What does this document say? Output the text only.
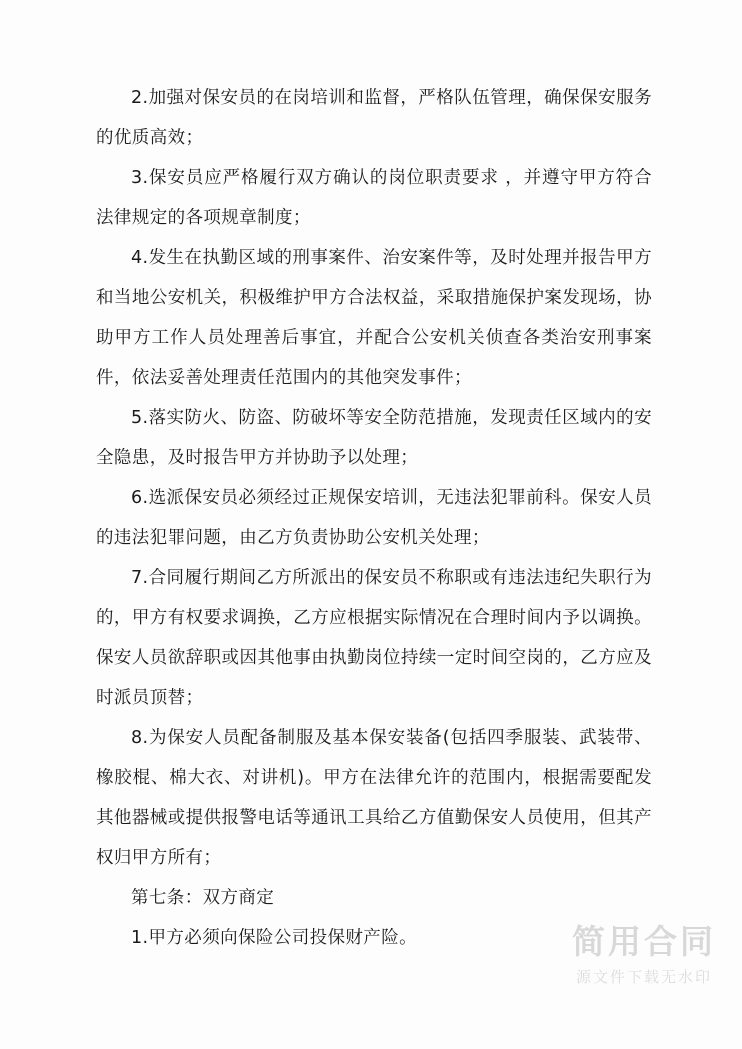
2.加强对保安员的在岗培训和监督，严格队伍管理，确保保安服务的优质高效；

3.保安员应严格履行双方确认的岗位职责要求 ，并遵守甲方符合法律规定的各项规章制度；

4.发生在执勤区域的刑事案件、治安案件等，及时处理并报告甲方和当地公安机关，积极维护甲方合法权益，采取措施保护案发现场，协助甲方工作人员处理善后事宜，并配合公安机关侦查各类治安刑事案件，依法妥善处理责任范围内的其他突发事件；

5.落实防火、防盗、防破坏等安全防范措施，发现责任区域内的安全隐患，及时报告甲方并协助予以处理；

6.选派保安员必须经过正规保安培训，无违法犯罪前科。保安人员的违法犯罪问题，由乙方负责协助公安机关处理；

7.合同履行期间乙方所派出的保安员不称职或有违法违纪失职行为的，甲方有权要求调换，乙方应根据实际情况在合理时间内予以调换。保安人员欲辞职或因其他事由执勤岗位持续一定时间空岗的，乙方应及时派员顶替；

8.为保安人员配备制服及基本保安装备(包括四季服装、武装带、橡胶棍、棉大衣、对讲机)。甲方在法律允许的范围内，根据需要配发其他器械或提供报警电话等通讯工具给乙方值勤保安人员使用，但其产权归甲方所有；

第七条：双方商定

1.甲方必须向保险公司投保财产险。	简用合同
源文件下载无水印
